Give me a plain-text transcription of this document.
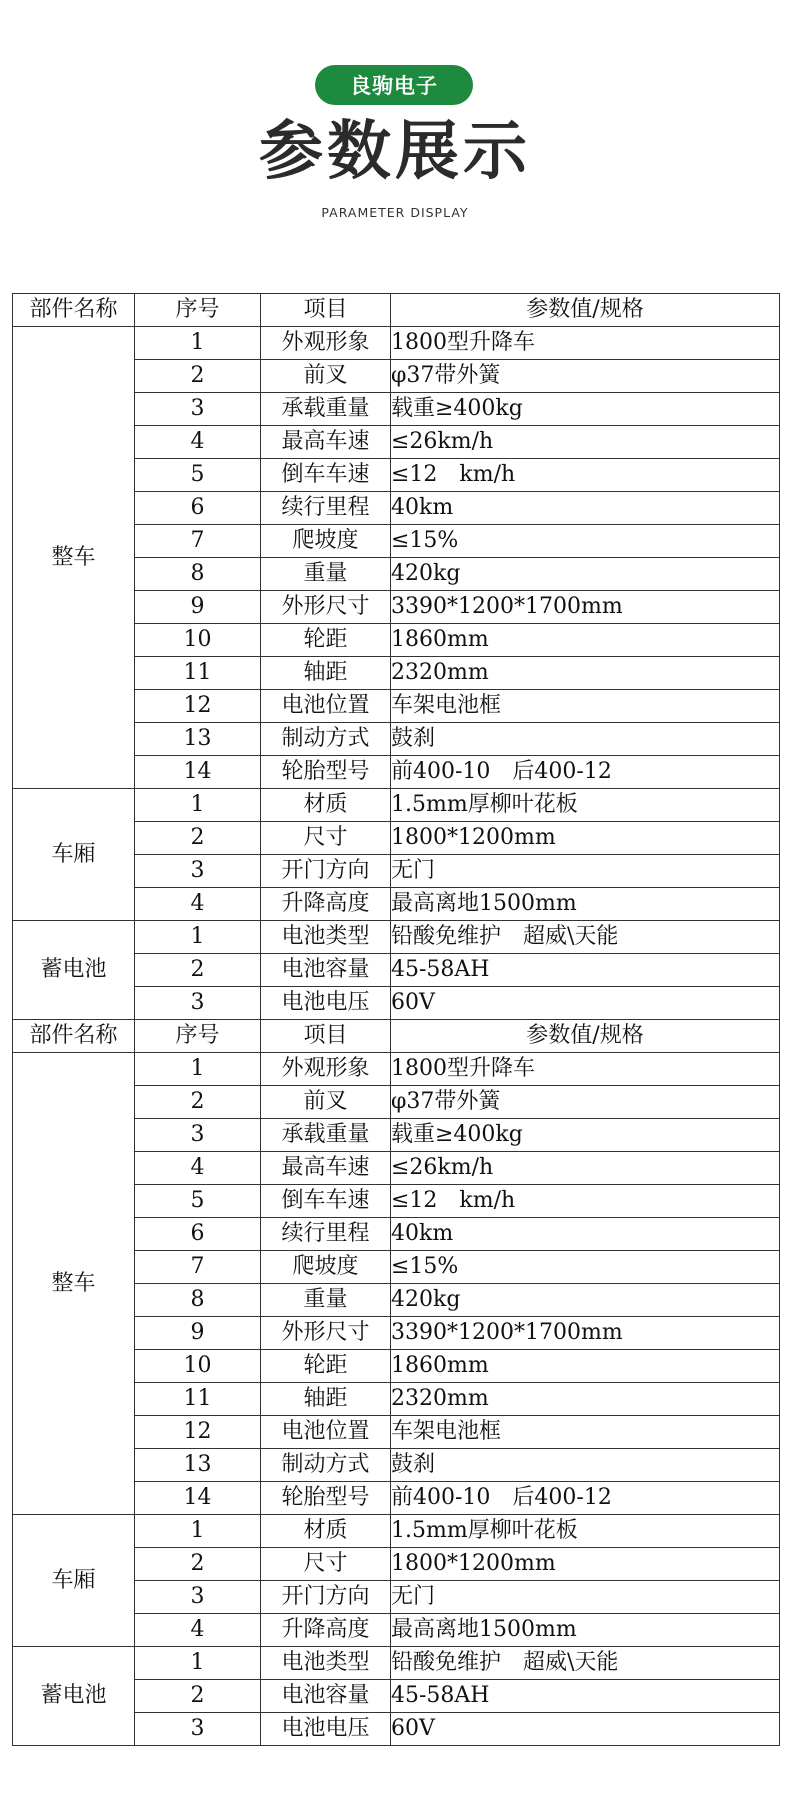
良驹电子
参数展示
PARAMETER DISPLAY
部件名称	序号	项目	参数值/规格
整车	1	外观形象	1800型升降车
	2	前叉	φ37带外簧
	3	承载重量	载重≥400kg
	4	最高车速	≤26km/h
	5	倒车车速	≤12　km/h
	6	续行里程	40km
	7	爬坡度	≤15%
	8	重量	420kg
	9	外形尺寸	3390*1200*1700mm
	10	轮距	1860mm
	11	轴距	2320mm
	12	电池位置	车架电池框
	13	制动方式	鼓刹
	14	轮胎型号	前400-10　后400-12
车厢	1	材质	1.5mm厚柳叶花板
	2	尺寸	1800*1200mm
	3	开门方向	无门
	4	升降高度	最高离地1500mm
蓄电池	1	电池类型	铅酸免维护　超威\天能
	2	电池容量	45-58AH
	3	电池电压	60V
部件名称	序号	项目	参数值/规格
整车	1	外观形象	1800型升降车
	2	前叉	φ37带外簧
	3	承载重量	载重≥400kg
	4	最高车速	≤26km/h
	5	倒车车速	≤12　km/h
	6	续行里程	40km
	7	爬坡度	≤15%
	8	重量	420kg
	9	外形尺寸	3390*1200*1700mm
	10	轮距	1860mm
	11	轴距	2320mm
	12	电池位置	车架电池框
	13	制动方式	鼓刹
	14	轮胎型号	前400-10　后400-12
车厢	1	材质	1.5mm厚柳叶花板
	2	尺寸	1800*1200mm
	3	开门方向	无门
	4	升降高度	最高离地1500mm
蓄电池	1	电池类型	铅酸免维护　超威\天能
	2	电池容量	45-58AH
	3	电池电压	60V
